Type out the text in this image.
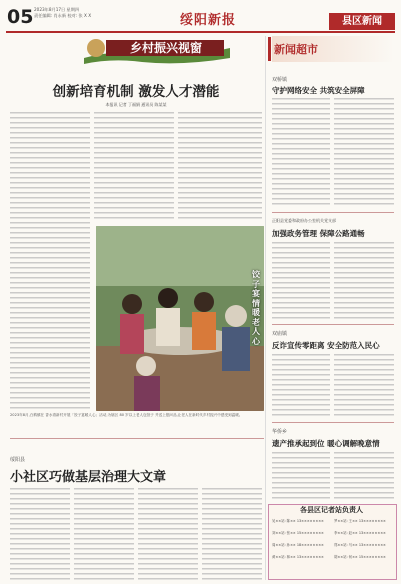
05 2023年8月17日 星期四
责任编辑: 肖永新 校对: 张 X X	绥阳新报	县区新闻
乡村振兴视窗
创新培育机制 激发人才潜能
本报讯 记者 丁福娟 通讯员 陈某某
饺子宴情暖老人心
2023年8月,白鹤镇在 香水湾新村开展「饺子宴暖人心」活动,为辖区 80 岁以上老人包饺子 并送上慰问品,让老人在新时代乡村振兴中感受到温暖。
绥阳县
小社区巧做基层治理大文章
新闻超市
双桥镇
守护网络安全 共筑安全屏障
正阳县党委和政府办公室机关党支部
加强政务管理 保障公路通畅
双庙镇
反诈宣传零距离 安全防范入民心
华侨乡
遗产推承起到位 暖心调解晚意情
各县区记者站负责人
吴××站: 陈×× 13××××××××	罗××站: 王×× 13××××××××
刘××站: 张×× 15××××××××	李××站: 赵×× 13××××××××
周××站: 孙×× 18××××××××	郑××站: 马×× 13××××××××
黄××站: 林×× 13××××××××	胡××站: 何×× 15××××××××
